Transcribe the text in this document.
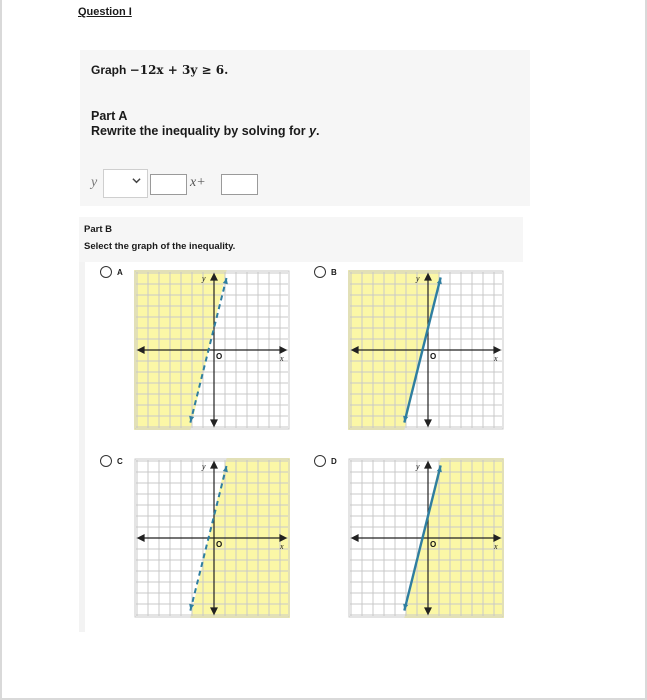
Question I
Graph −12x + 3y ≥ 6.
Part A
Rewrite the inequality by solving for y.
y	x+
Part B
Select the graph of the inequality.
A
y
x
O
B
y
x
O
C
y
x
O
D
y
x
O
